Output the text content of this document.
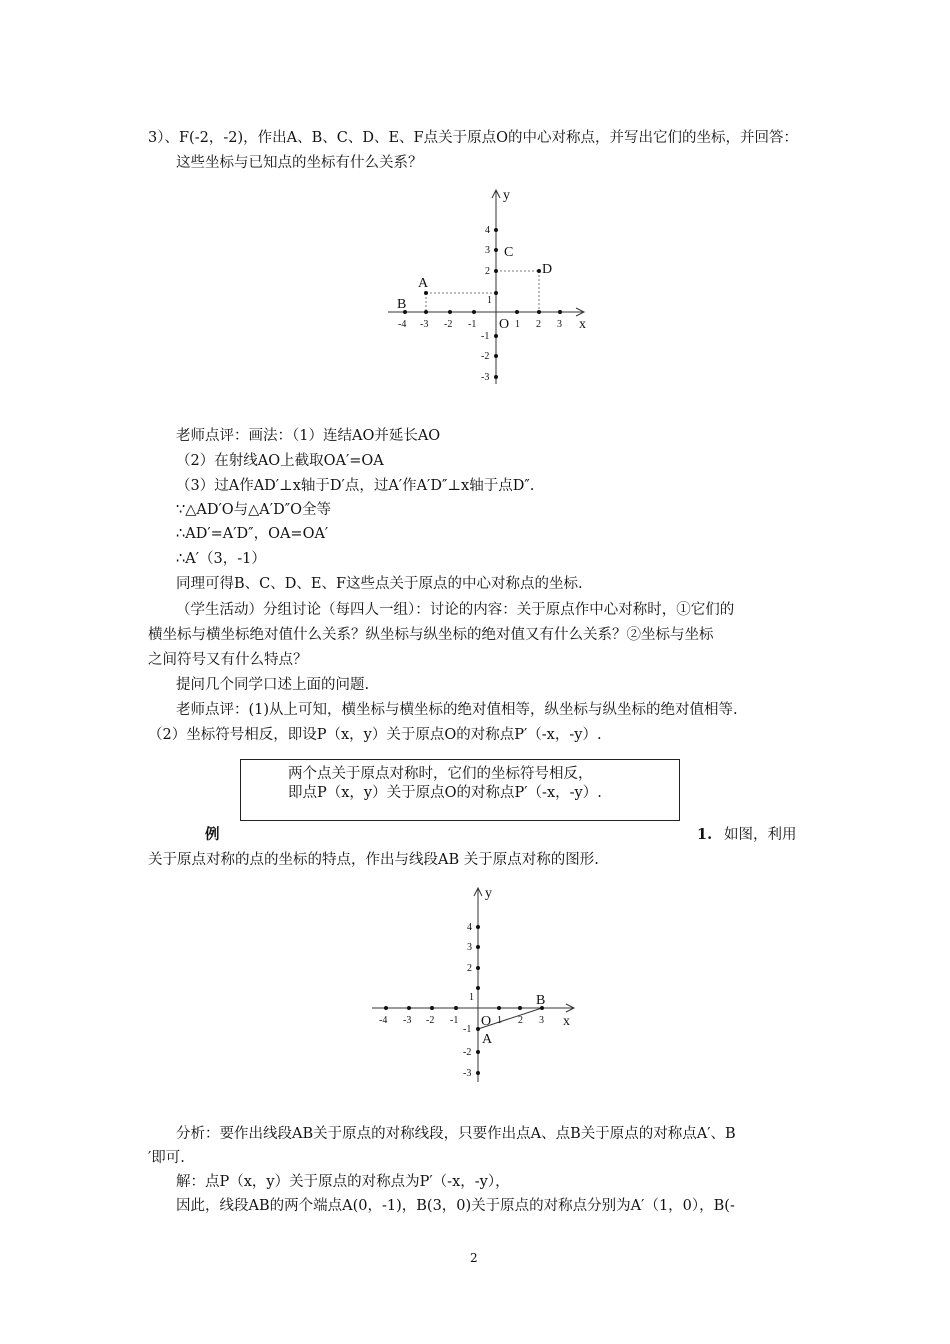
3）、F(-2，-2)，作出A、B、C、D、E、F点关于原点O的中心对称点，并写出它们的坐标，并回答：
这些坐标与已知点的坐标有什么关系？
y
x
O
-4 -3 -2 -1	1 2 3
4
3
2
1
-1
-2
-3
A
B
C
D
老师点评：画法：（1）连结AO并延长AO
（2）在射线AO上截取OA′=OA
（3）过A作AD′⊥x轴于D′点，过A′作A′D″⊥x轴于点D″.
∵△AD′O与△A′D″O全等
∴AD′=A′D″，OA=OA′
∴A′（3，-1）
同理可得B、C、D、E、F这些点关于原点的中心对称点的坐标.
（学生活动）分组讨论（每四人一组）：讨论的内容：关于原点作中心对称时，①它们的
横坐标与横坐标绝对值什么关系？纵坐标与纵坐标的绝对值又有什么关系？②坐标与坐标
之间符号又有什么特点？
提问几个同学口述上面的问题.
老师点评：(1)从上可知，横坐标与横坐标的绝对值相等，纵坐标与纵坐标的绝对值相等.
（2）坐标符号相反，即设P（x，y）关于原点O的对称点P′（-x，-y）.
两个点关于原点对称时，它们的坐标符号相反，
即点P（x，y）关于原点O的对称点P′（-x，-y）.
例	1. 如图，利用
关于原点对称的点的坐标的特点，作出与线段AB 关于原点对称的图形.
y
x
O
-4 -3 -2 -1	1 2 3
4
3
2
1
-1
-2
-3
A
B
分析：要作出线段AB关于原点的对称线段，只要作出点A、点B关于原点的对称点A′、B
′即可.
解：点P（x，y）关于原点的对称点为P′（-x，-y），
因此，线段AB的两个端点A(0，-1)，B(3，0)关于原点的对称点分别为A′（1，0），B(-
2
